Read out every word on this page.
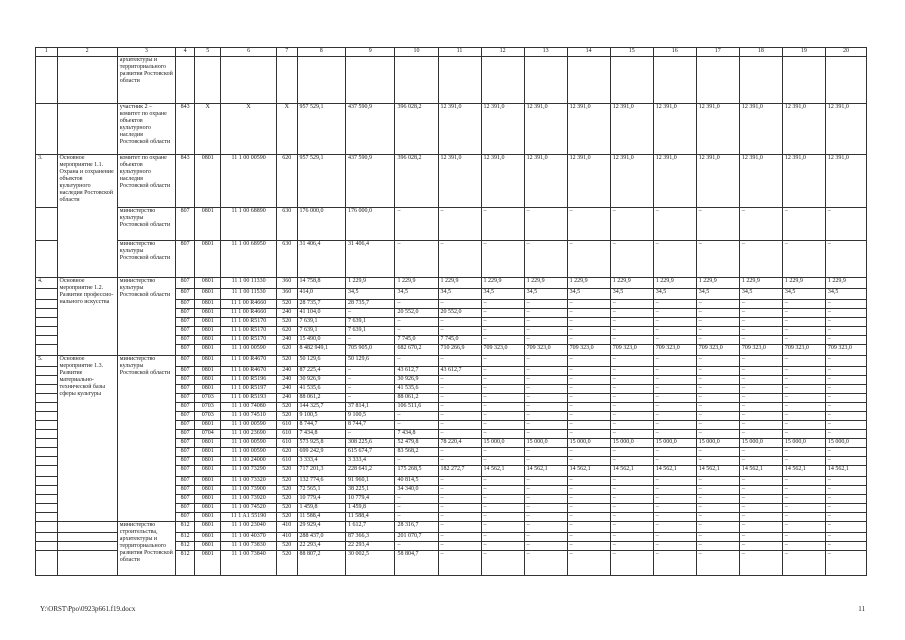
1	2	3	4	5	6	7	8	9	10	11	12	13	14	15	16	17	18	19	20
		архитектуры и территориального развития Ростовской области																	
		участник 2 – комитет по охране объектов культурного наследия Ростовской области	843	Х	Х	Х	957 529,1	437 590,9	396 028,2	12 391,0	12 391,0	12 391,0	12 391,0	12 391,0	12 391,0	12 391,0	12 391,0	12 391,0	12 391,0
3.	Основное мероприятие 1.1. Охрана и сохранение объектов культурного наследия Ростовской области	комитет по охране объектов культурного наследия Ростовской области	843	0801	11 1 00 00590	620	957 529,1	437 590,9	396 028,2	12 391,0	12 391,0	12 391,0	12 391,0	12 391,0	12 391,0	12 391,0	12 391,0	12 391,0	12 391,0
		министерство культуры Ростовской области	807	0801	11 1 00 68890	630	176 000,0	176 000,0	–	–	–	–	–	–	–	–	–	–	–
		министерство культуры Ростовской области	807	0801	11 1 00 68950	630	31 406,4	31 406,4	–	–	–	–	–	–	–	–	–	–	–
4.	Основное мероприятие 1.2. Развитие профессио-нального искусства	министерство культуры Ростовской области	807	0801	11 1 00 11330	360	14 758,8	1 229,9	1 229,9	1 229,9	1 229,9	1 229,9	1 229,9	1 229,9	1 229,9	1 229,9	1 229,9	1 229,9	1 229,9
			807	0801	11 1 00 11530	360	414,0	34,5	34,5	34,5	34,5	34,5	34,5	34,5	34,5	34,5	34,5	34,5	34,5
			807	0801	11 1 00 R4660	520	28 735,7	28 735,7	–	–	–	–	–	–	–	–	–	–	–
			807	0801	11 1 00 R4660	240	41 104,0	–	20 552,0	20 552,0	–	–	–	–	–	–	–	–	–
			807	0801	11 1 00 R5170	520	7 639,1	7 639,1	–	–	–	–	–	–	–	–	–	–	–
			807	0801	11 1 00 R5170	620	7 639,1	7 639,1	–	–	–	–	–	–	–	–	–	–	–
			807	0801	11 1 00 R5170	240	15 490,0	–	7 745,0	7 745,0	–	–	–	–	–	–	–	–	–
			807	0801	11 1 00 00590	620	8 482 949,1	705 905,0	682 670,2	710 266,9	709 323,0	709 323,0	709 323,0	709 323,0	709 323,0	709 323,0	709 323,0	709 323,0	709 323,0
5.	Основное мероприятие 1.3. Развитие материально-технической базы сферы культуры	министерство культуры Ростовской области	807	0801	11 1 00 R4670	520	50 129,6	50 129,6	–	–	–	–	–	–	–	–	–	–	–
			807	0801	11 1 00 R4670	240	87 225,4	–	43 612,7	43 612,7	–	–	–	–	–	–	–	–	–
			807	0801	11 1 00 R5196	240	30 926,9	–	30 926,9	–	–	–	–	–	–	–	–	–	–
			807	0801	11 1 00 R5197	240	41 535,6	–	41 535,6	–	–	–	–	–	–	–	–	–	–
			807	0703	11 1 00 R5193	240	88 061,2	–	88 061,2	–	–	–	–	–	–	–	–	–	–
			807	0703	11 1 00 74080	520	144 325,7	37 814,1	106 511,6	–	–	–	–	–	–	–	–	–	–
			807	0703	11 1 00 74510	520	9 100,5	9 100,5	–	–	–	–	–	–	–	–	–	–	–
			807	0801	11 1 00 00590	610	8 744,7	8 744,7	–	–	–	–	–	–	–	–	–	–	–
			807	0704	11 1 00 23690	610	7 434,8	–	7 434,8	–	–	–	–	–	–	–	–	–	–
			807	0801	11 1 00 00590	610	573 925,8	308 225,6	52 479,8	78 220,4	15 000,0	15 000,0	15 000,0	15 000,0	15 000,0	15 000,0	15 000,0	15 000,0	15 000,0
			807	0801	11 1 00 00590	620	699 242,9	615 674,7	83 568,2	–	–	–	–	–	–	–	–	–	–
			807	0801	11 1 00 24000	610	3 333,4	3 333,4	–	–	–	–	–	–	–	–	–	–	–
			807	0801	11 1 00 73290	520	717 201,3	228 641,2	175 268,5	182 272,7	14 562,1	14 562,1	14 562,1	14 562,1	14 562,1	14 562,1	14 562,1	14 562,1	14 562,1
			807	0801	11 1 00 73320	520	132 774,6	91 960,1	40 814,5	–	–	–	–	–	–	–	–	–	–
			807	0801	11 1 00 73900	520	72 565,1	38 225,1	34 340,0	–	–	–	–	–	–	–	–	–	–
			807	0801	11 1 00 73920	520	10 779,4	10 779,4	–	–	–	–	–	–	–	–	–	–	–
			807	0801	11 1 00 74520	520	1 459,8	1 459,8	–	–	–	–	–	–	–	–	–	–	–
			807	0801	11 1 A1 55190	520	11 588,4	11 588,4	–	–	–	–	–	–	–	–	–	–	–
		министерство строительства, архитектуры и территориального развития Ростовской области	812	0801	11 1 00 23040	410	29 929,4	1 612,7	28 316,7	–	–	–	–	–	–	–	–	–	–
			812	0801	11 1 00 40370	410	288 437,0	87 366,3	201 070,7	–	–	–	–	–	–	–	–	–	–
			812	0801	11 1 00 73830	520	22 293,4	22 293,4	–	–	–	–	–	–	–	–	–	–	–
			812	0801	11 1 00 73840	520	88 807,2	30 002,5	58 804,7	–	–	–	–	–	–	–	–	–	–
Y:\ORST\Ppo\0923p661.f19.docx	11
